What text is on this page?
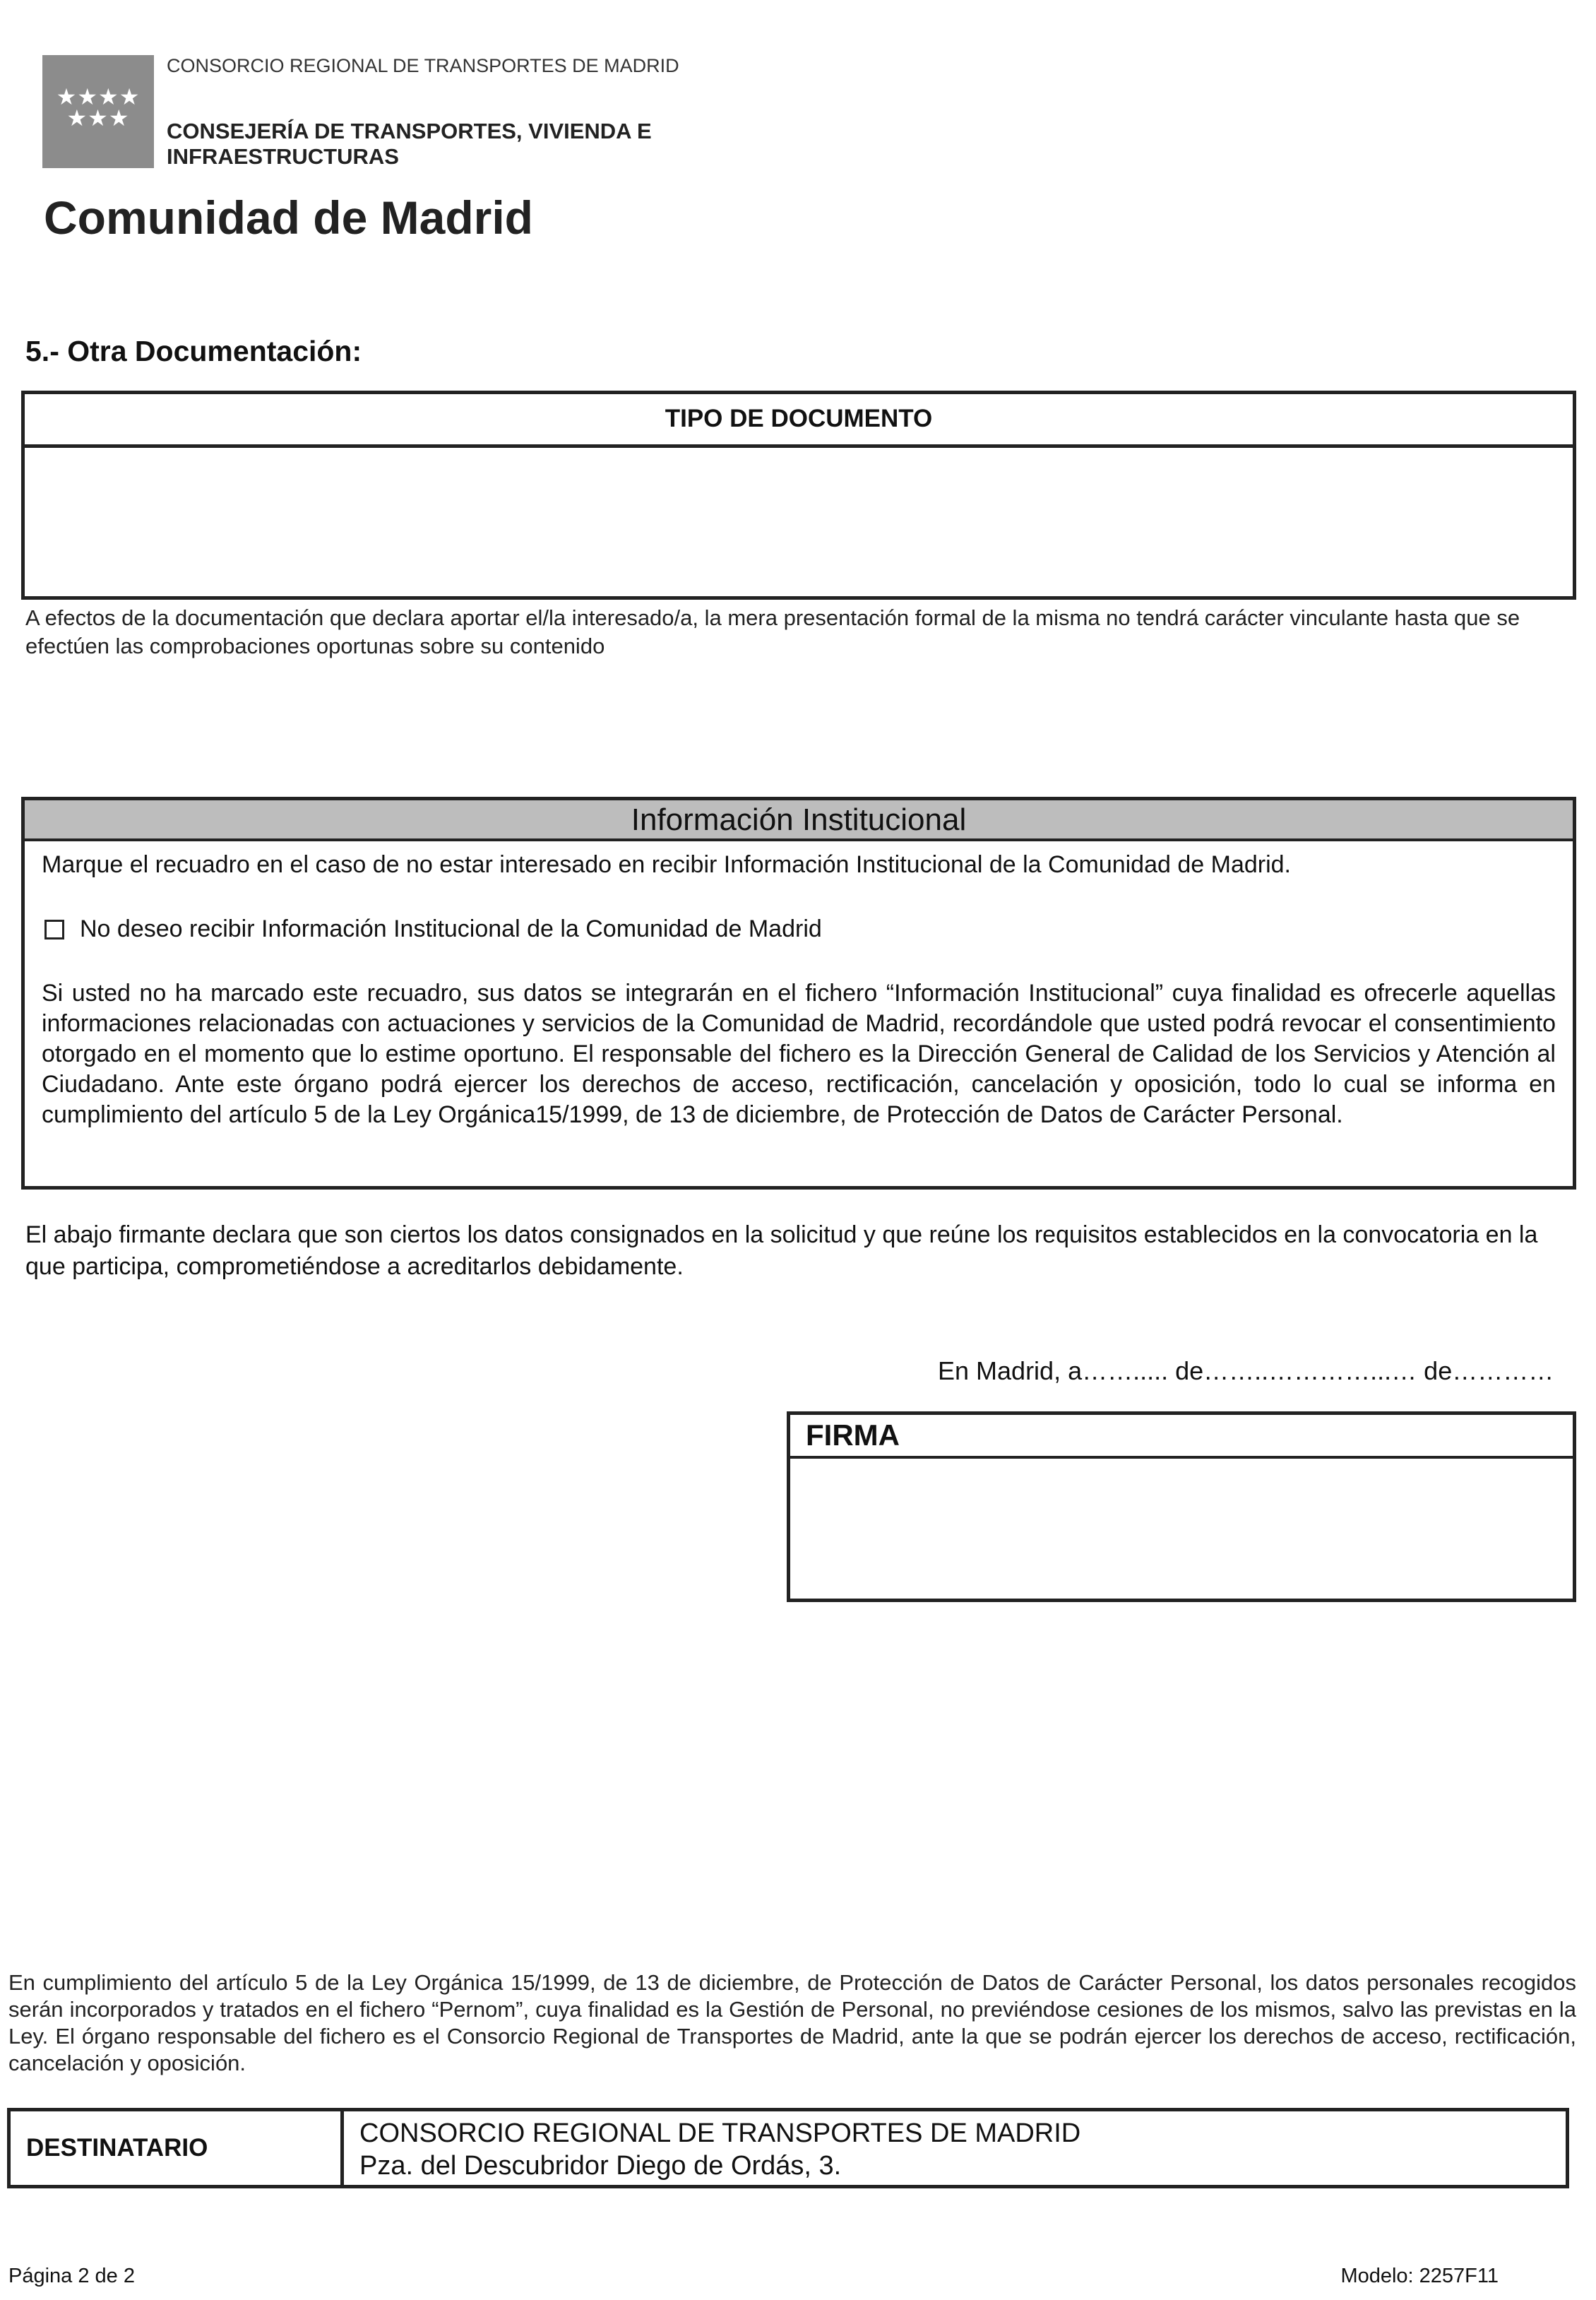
★★★★
★★★
CONSORCIO REGIONAL DE TRANSPORTES DE MADRID
CONSEJERÍA DE TRANSPORTES, VIVIENDA E INFRAESTRUCTURAS
Comunidad de Madrid
5.- Otra Documentación:
TIPO DE DOCUMENTO
A efectos de la documentación que declara aportar el/la interesado/a, la mera presentación formal de la misma no tendrá carácter vinculante hasta que se efectúen las comprobaciones oportunas sobre su contenido
Información Institucional

Marque el recuadro en el caso de no estar interesado en recibir Información Institucional de la Comunidad de Madrid.

No deseo recibir Información Institucional de la Comunidad de Madrid

Si usted no ha marcado este recuadro, sus datos se integrarán en el fichero “Información Institucional” cuya finalidad es ofrecerle aquellas informaciones relacionadas con actuaciones y servicios de la Comunidad de Madrid, recordándole que usted podrá revocar el consentimiento otorgado en el momento que lo estime oportuno. El responsable del fichero es la Dirección General de Calidad de los Servicios y Atención al Ciudadano. Ante este órgano podrá ejercer los derechos de acceso, rectificación, cancelación y oposición, todo lo cual se informa en cumplimiento del artículo 5 de la Ley Orgánica15/1999, de 13 de diciembre, de Protección de Datos de Carácter Personal.

El abajo firmante declara que son ciertos los datos consignados en la solicitud y que reúne los requisitos establecidos en la convocatoria en la que participa, comprometiéndose a acreditarlos debidamente.
En Madrid, a……..... de……..…………...… de…………
FIRMA
En cumplimiento del artículo 5 de la Ley Orgánica 15/1999, de 13 de diciembre, de Protección de Datos de Carácter Personal, los datos personales recogidos serán incorporados y tratados en el fichero “Pernom”, cuya finalidad es la Gestión de Personal, no previéndose cesiones de los mismos, salvo las previstas en la Ley. El órgano responsable del fichero es el Consorcio Regional de Transportes de Madrid, ante la que se podrán ejercer los derechos de acceso, rectificación, cancelación y oposición.
DESTINATARIO	CONSORCIO REGIONAL DE TRANSPORTES DE MADRID
Pza. del Descubridor Diego de Ordás, 3.
Página 2 de 2	Modelo: 2257F11
